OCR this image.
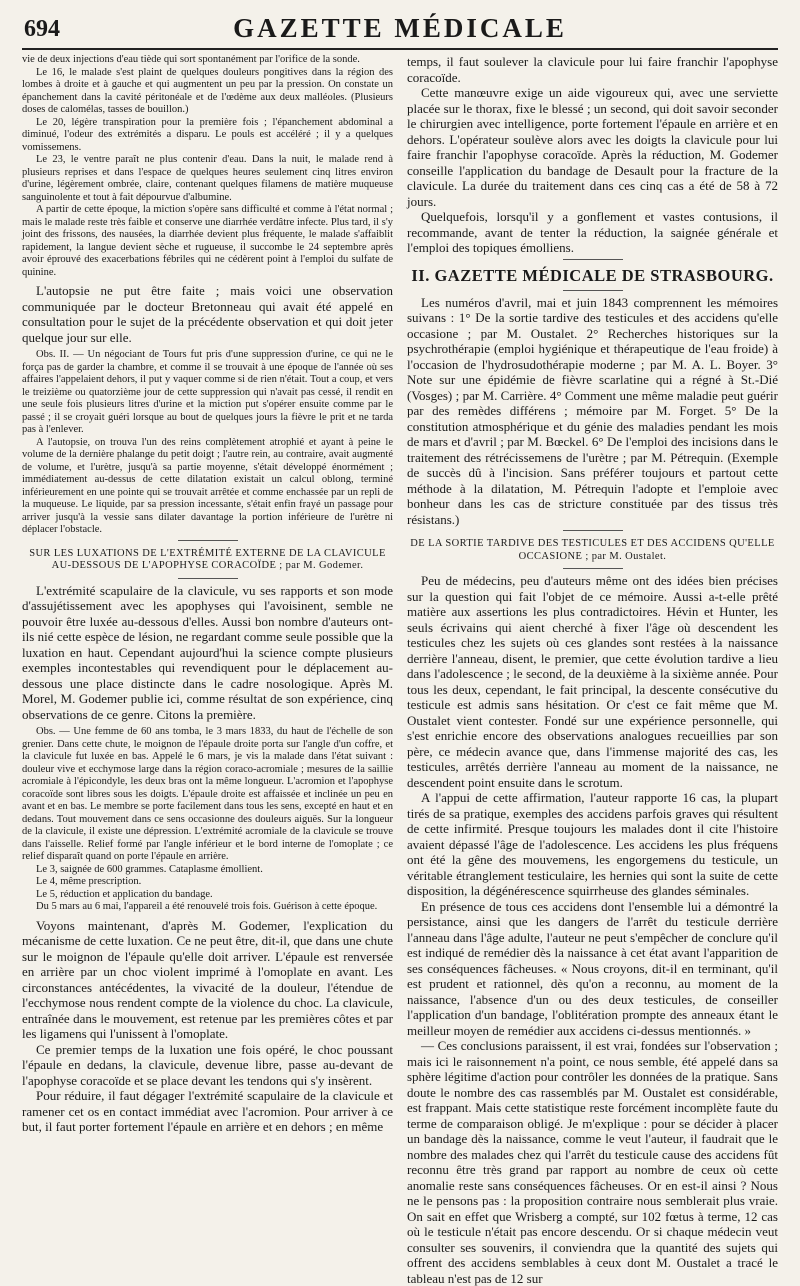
694	GAZETTE MÉDICALE

vie de deux injections d'eau tiède qui sort spontanément par l'orifice de la sonde.

Le 16, le malade s'est plaint de quelques douleurs pongitives dans la région des lombes à droite et à gauche et qui augmentent un peu par la pression. On constate un épanchement dans la cavité péritonéale et de l'œdème aux deux malléoles. (Plusieurs doses de calomélas, tasses de bouillon.)

Le 20, légère transpiration pour la première fois ; l'épanchement abdominal a diminué, l'odeur des extrémités a disparu. Le pouls est accéléré ; il y a quelques vomissemens.

Le 23, le ventre paraît ne plus contenir d'eau. Dans la nuit, le malade rend à plusieurs reprises et dans l'espace de quelques heures seulement cinq litres environ d'urine, légèrement ombrée, claire, contenant quelques filamens de matière muqueuse sanguinolente et tout à fait dépourvue d'albumine.

A partir de cette époque, la miction s'opère sans difficulté et comme à l'état normal ; mais le malade reste très faible et conserve une diarrhée verdâtre infecte. Plus tard, il s'y joint des frissons, des nausées, la diarrhée devient plus fréquente, le malade s'affaiblit rapidement, la langue devient sèche et rugueuse, il succombe le 24 septembre après avoir éprouvé des exacerbations fébriles qui ne cédèrent point à l'emploi du sulfate de quinine.

L'autopsie ne put être faite ; mais voici une observation communiquée par le docteur Bretonneau qui avait été appelé en consultation pour le sujet de la précédente observation et qui doit jeter quelque jour sur elle.

Obs. II. — Un négociant de Tours fut pris d'une suppression d'urine, ce qui ne le força pas de garder la chambre, et comme il se trouvait à une époque de l'année où ses affaires l'appelaient dehors, il put y vaquer comme si de rien n'était. Tout a coup, et vers le treizième ou quatorzième jour de cette suppression qui n'avait pas cessé, il rendit en une seule fois plusieurs litres d'urine et la miction put s'opérer ensuite comme par le passé ; il se croyait guéri lorsque au bout de quelques jours la fièvre le prit et ne tarda pas à l'enlever.

A l'autopsie, on trouva l'un des reins complètement atrophié et ayant à peine le volume de la dernière phalange du petit doigt ; l'autre rein, au contraire, avait augmenté de volume, et l'urètre, jusqu'à sa partie moyenne, s'était développé énormément ; immédiatement au-dessus de cette dilatation existait un calcul oblong, terminé inférieurement en une pointe qui se trouvait arrêtée et comme enchassée par un repli de la muqueuse. Le liquide, par sa pression incessante, s'était enfin frayé un passage pour arriver jusqu'à la vessie sans dilater davantage la portion inférieure de l'urètre ni déplacer l'obstacle.

SUR LES LUXATIONS DE L'EXTRÉMITÉ EXTERNE DE LA CLAVICULE AU-DESSOUS DE L'APOPHYSE CORACOÏDE ; par M. Godemer.

L'extrémité scapulaire de la clavicule, vu ses rapports et son mode d'assujétissement avec les apophyses qui l'avoisinent, semble ne pouvoir être luxée au-dessous d'elles. Aussi bon nombre d'auteurs ont-ils nié cette espèce de lésion, ne regardant comme seule possible que la luxation en haut. Cependant aujourd'hui la science compte plusieurs exemples incontestables qui revendiquent pour le déplacement au-dessous une place distincte dans le cadre nosologique. Après M. Morel, M. Godemer publie ici, comme résultat de son expérience, cinq observations de ce genre. Citons la première.

Obs. — Une femme de 60 ans tomba, le 3 mars 1833, du haut de l'échelle de son grenier. Dans cette chute, le moignon de l'épaule droite porta sur l'angle d'un coffre, et la clavicule fut luxée en bas. Appelé le 6 mars, je vis la malade dans l'état suivant : douleur vive et ecchymose large dans la région coraco-acromiale ; mesures de la saillie acromiale à l'épicondyle, les deux bras ont la même longueur. L'acromion et l'apophyse coracoïde sont libres sous les doigts. L'épaule droite est affaissée et inclinée un peu en avant et en bas. Le membre se porte facilement dans tous les sens, excepté en haut et en dedans. Tout mouvement dans ce sens occasionne des douleurs aiguës. Sur la longueur de la clavicule, il existe une dépression. L'extrémité acromiale de la clavicule se trouve dans l'aisselle. Relief formé par l'angle inférieur et le bord interne de l'omoplate ; ce relief disparaît quand on porte l'épaule en arrière.

Le 3, saignée de 600 grammes. Cataplasme émollient.

Le 4, même prescription.

Le 5, réduction et application du bandage.

Du 5 mars au 6 mai, l'appareil a été renouvelé trois fois. Guérison à cette époque.

Voyons maintenant, d'après M. Godemer, l'explication du mécanisme de cette luxation. Ce ne peut être, dit-il, que dans une chute sur le moignon de l'épaule qu'elle doit arriver. L'épaule est renversée en arrière par un choc violent imprimé à l'omoplate en avant. Les circonstances antécédentes, la vivacité de la douleur, l'étendue de l'ecchymose nous rendent compte de la violence du choc. La clavicule, entraînée dans le mouvement, est retenue par les premières côtes et par les ligamens qui l'unissent à l'omoplate.

Ce premier temps de la luxation une fois opéré, le choc poussant l'épaule en dedans, la clavicule, devenue libre, passe au-devant de l'apophyse coracoïde et se place devant les tendons qui s'y insèrent.

Pour réduire, il faut dégager l'extrémité scapulaire de la clavicule et ramener cet os en contact immédiat avec l'acromion. Pour arriver à ce but, il faut porter fortement l'épaule en arrière et en dehors ; en même

temps, il faut soulever la clavicule pour lui faire franchir l'apophyse coracoïde.

Cette manœuvre exige un aide vigoureux qui, avec une serviette placée sur le thorax, fixe le blessé ; un second, qui doit savoir seconder le chirurgien avec intelligence, porte fortement l'épaule en arrière et en dehors. L'opérateur soulève alors avec les doigts la clavicule pour lui faire franchir l'apophyse coracoïde. Après la réduction, M. Godemer conseille l'application du bandage de Desault pour la fracture de la clavicule. La durée du traitement dans ces cinq cas a été de 58 à 72 jours.

Quelquefois, lorsqu'il y a gonflement et vastes contusions, il recommande, avant de tenter la réduction, la saignée générale et l'emploi des topiques émolliens.

II. GAZETTE MÉDICALE DE STRASBOURG.

Les numéros d'avril, mai et juin 1843 comprennent les mémoires suivans : 1° De la sortie tardive des testicules et des accidens qu'elle occasione ; par M. Oustalet. 2° Recherches historiques sur la psychrothérapie (emploi hygiénique et thérapeutique de l'eau froide) à l'occasion de l'hydrosudothérapie moderne ; par M. A. L. Boyer. 3° Note sur une épidémie de fièvre scarlatine qui a régné à St.-Dié (Vosges) ; par M. Carrière. 4° Comment une même maladie peut guérir par des remèdes différens ; mémoire par M. Forget. 5° De la constitution atmosphérique et du génie des maladies pendant les mois de mars et d'avril ; par M. Bœckel. 6° De l'emploi des incisions dans le traitement des rétrécissemens de l'urètre ; par M. Pétrequin. (Exemple de succès dû à l'incision. Sans préférer toujours et partout cette méthode à la dilatation, M. Pétrequin l'adopte et l'emploie avec bonheur dans les cas de stricture constituée par des tissus très résistans.)

DE LA SORTIE TARDIVE DES TESTICULES ET DES ACCIDENS QU'ELLE OCCASIONE ; par M. Oustalet.

Peu de médecins, peu d'auteurs même ont des idées bien précises sur la question qui fait l'objet de ce mémoire. Aussi a-t-elle prêté matière aux assertions les plus contradictoires. Hévin et Hunter, les seuls écrivains qui aient cherché à fixer l'âge où descendent les testicules chez les sujets où ces glandes sont restées à la naissance derrière l'anneau, disent, le premier, que cette évolution tardive a lieu dans l'adolescence ; le second, de la deuxième à la sixième année. Pour tous les deux, cependant, le fait principal, la descente consécutive du testicule est admis sans hésitation. Or c'est ce fait même que M. Oustalet vient contester. Fondé sur une expérience personnelle, qui s'est enrichie encore des observations analogues recueillies par son père, ce médecin avance que, dans l'immense majorité des cas, les testicules, arrêtés derrière l'anneau au moment de la naissance, ne descendent point ensuite dans le scrotum.

A l'appui de cette affirmation, l'auteur rapporte 16 cas, la plupart tirés de sa pratique, exemples des accidens parfois graves qui résultent de cette infirmité. Presque toujours les malades dont il cite l'histoire avaient dépassé l'âge de l'adolescence. Les accidens les plus fréquens ont été la gêne des mouvemens, les engorgemens du testicule, un véritable étranglement testiculaire, les hernies qui sont la suite de cette disposition, la dégénérescence squirrheuse des glandes séminales.

En présence de tous ces accidens dont l'ensemble lui a démontré la persistance, ainsi que les dangers de l'arrêt du testicule derrière l'anneau dans l'âge adulte, l'auteur ne peut s'empêcher de conclure qu'il est indiqué de remédier dès la naissance à cet état avant l'apparition de ses conséquences fâcheuses. « Nous croyons, dit-il en terminant, qu'il est prudent et rationnel, dès qu'on a reconnu, au moment de la naissance, l'absence d'un ou des deux testicules, de conseiller l'application d'un bandage, l'oblitération prompte des anneaux étant le meilleur moyen de remédier aux accidens ci-dessus mentionnés. »

— Ces conclusions paraissent, il est vrai, fondées sur l'observation ; mais ici le raisonnement n'a point, ce nous semble, été appelé dans sa sphère légitime d'action pour contrôler les données de la pratique. Sans doute le nombre des cas rassemblés par M. Oustalet est considérable, est frappant. Mais cette statistique reste forcément incomplète faute du terme de comparaison obligé. Je m'explique : pour se décider à placer un bandage dès la naissance, comme le veut l'auteur, il faudrait que le nombre des malades chez qui l'arrêt du testicule cause des accidens fût reconnu être très grand par rapport au nombre de ceux où cette anomalie reste sans conséquences fâcheuses. Or en est-il ainsi ? Nous ne le pensons pas : la proposition contraire nous semblerait plus vraie. On sait en effet que Wrisberg a compté, sur 102 fœtus à terme, 12 cas où le testicule n'était pas encore descendu. Or si chaque médecin veut consulter ses souvenirs, il conviendra que la quantité des sujets qui offrent des accidens semblables à ceux dont M. Oustalet a tracé le tableau n'est pas de 12 sur
